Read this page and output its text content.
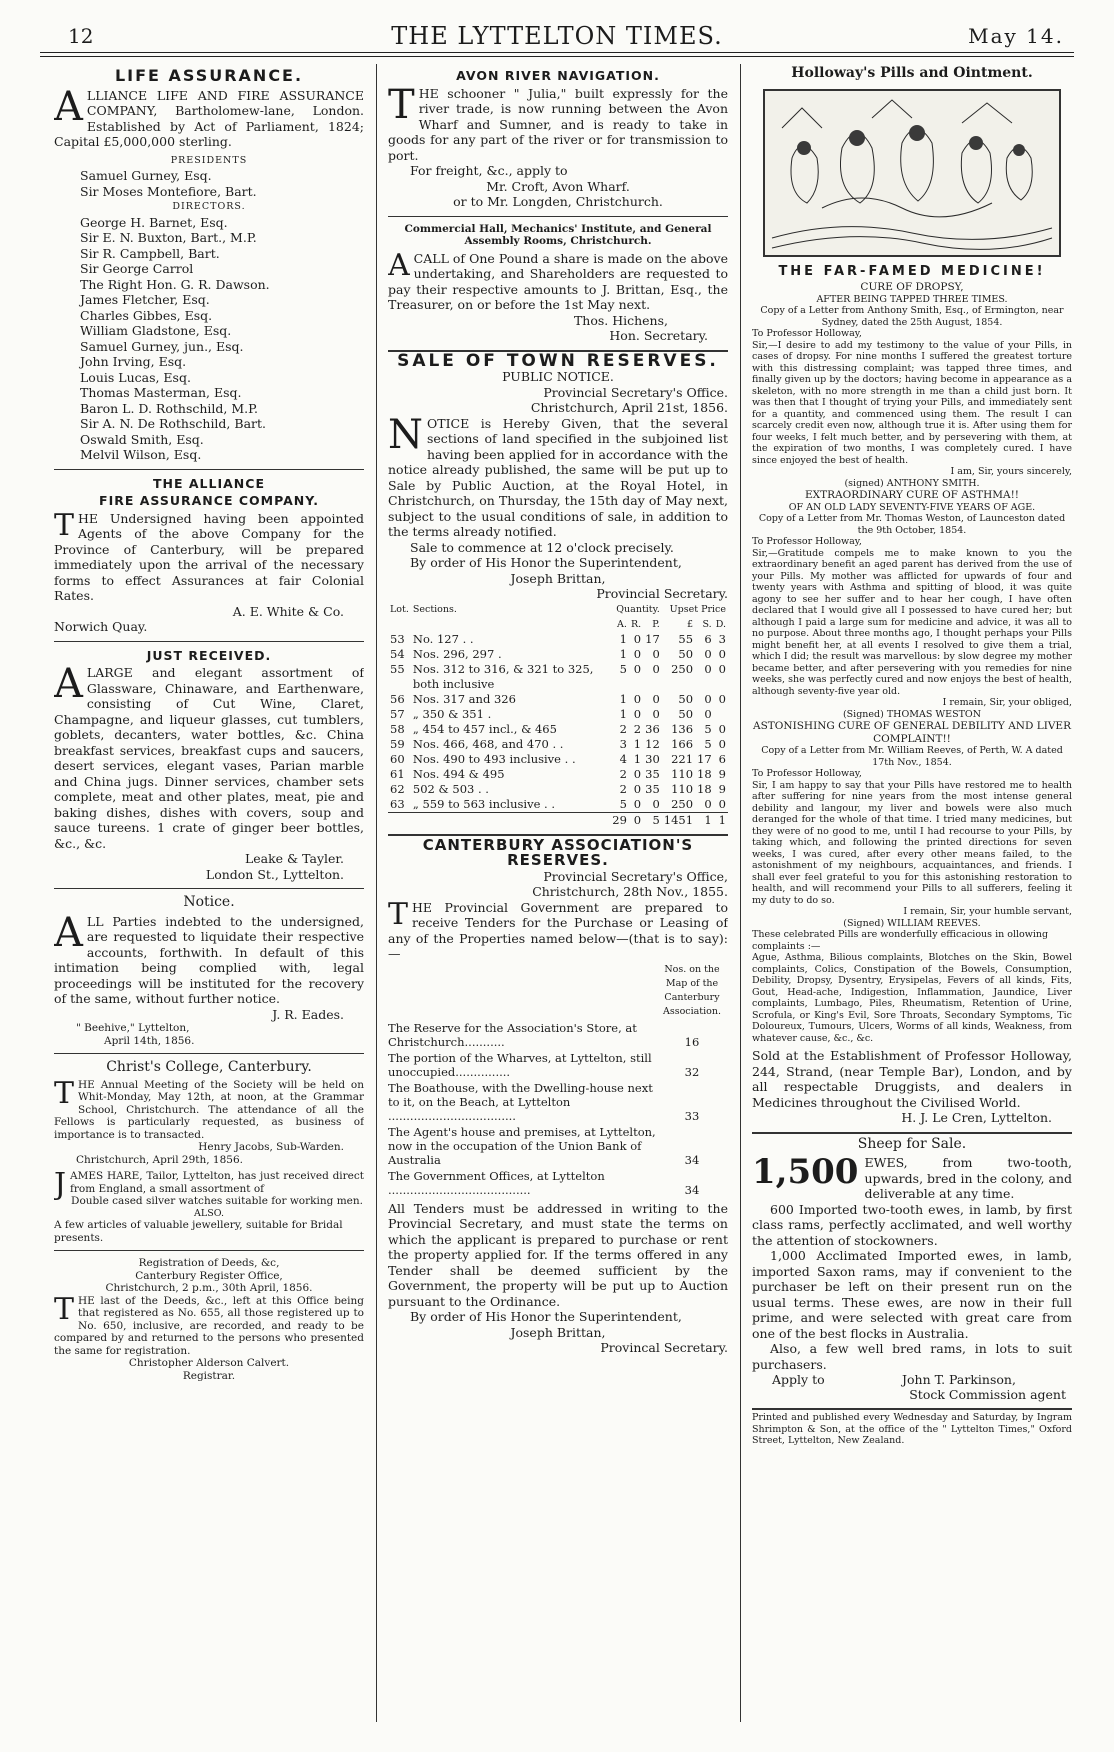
12	THE LYTTELTON TIMES.	May 14.
LIFE ASSURANCE.

ALLIANCE LIFE AND FIRE ASSURANCE COMPANY, Bartholomew-lane, London. Established by Act of Parliament, 1824; Capital £5,000,000 sterling.

PRESIDENTS
Samuel Gurney, Esq.
Sir Moses Montefiore, Bart.
DIRECTORS.
George H. Barnet, Esq.
Sir E. N. Buxton, Bart., M.P.
Sir R. Campbell, Bart.
Sir George Carrol
The Right Hon. G. R. Dawson.
James Fletcher, Esq.
Charles Gibbes, Esq.
William Gladstone, Esq.
Samuel Gurney, jun., Esq.
John Irving, Esq.
Louis Lucas, Esq.
Thomas Masterman, Esq.
Baron L. D. Rothschild, M.P.
Sir A. N. De Rothschild, Bart.
Oswald Smith, Esq.
Melvil Wilson, Esq.
THE ALLIANCE
FIRE ASSURANCE COMPANY.

THE Undersigned having been appointed Agents of the above Company for the Province of Canterbury, will be prepared immediately upon the arrival of the necessary forms to effect Assurances at fair Colonial Rates.

A. E. White & Co.
Norwich Quay.
JUST RECEIVED.

ALARGE and elegant assortment of Glassware, Chinaware, and Earthenware, consisting of Cut Wine, Claret, Champagne, and liqueur glasses, cut tumblers, goblets, decanters, water bottles, &c. China breakfast services, breakfast cups and saucers, desert services, elegant vases, Parian marble and China jugs. Dinner services, chamber sets complete, meat and other plates, meat, pie and baking dishes, dishes with covers, soup and sauce tureens. 1 crate of ginger beer bottles, &c., &c.

Leake & Tayler.
London St., Lyttelton.
Notice.

ALL Parties indebted to the undersigned, are requested to liquidate their respective accounts, forthwith. In default of this intimation being complied with, legal proceedings will be instituted for the recovery of the same, without further notice.

J. R. Eades.
" Beehive," Lyttelton,
April 14th, 1856.
Christ's College, Canterbury.

THE Annual Meeting of the Society will be held on Whit-Monday, May 12th, at noon, at the Grammar School, Christchurch. The attendance of all the Fellows is particularly requested, as business of importance is to transacted.

Henry Jacobs, Sub-Warden.
Christchurch, April 29th, 1856.

JAMES HARE, Tailor, Lyttelton, has just received direct from England, a small assortment of

Double cased silver watches suitable for working men.
ALSO.
A few articles of valuable jewellery, suitable for Bridal presents.
Registration of Deeds, &c,
Canterbury Register Office,
Christchurch, 2 p.m., 30th April, 1856.

THE last of the Deeds, &c., left at this Office being that registered as No. 655, all those registered up to No. 650, inclusive, are recorded, and ready to be compared by and returned to the persons who presented the same for registration.

Christopher Alderson Calvert.
Registrar.
AVON RIVER NAVIGATION.

THE schooner " Julia," built expressly for the river trade, is now running between the Avon Wharf and Sumner, and is ready to take in goods for any part of the river or for transmission to port.

For freight, &c., apply to
Mr. Croft, Avon Wharf.
or to Mr. Longden, Christchurch.
Commercial Hall, Mechanics' Institute, and General Assembly Rooms, Christchurch.

ACALL of One Pound a share is made on the above undertaking, and Shareholders are requested to pay their respective amounts to J. Brittan, Esq., the Treasurer, on or before the 1st May next.

Thos. Hichens,
Hon. Secretary.
SALE OF TOWN RESERVES.
PUBLIC NOTICE.
Provincial Secretary's Office.
Christchurch, April 21st, 1856.

NOTICE is Hereby Given, that the several sections of land specified in the subjoined list having been applied for in accordance with the notice already published, the same will be put up to Sale by Public Auction, at the Royal Hotel, in Christchurch, on Thursday, the 15th day of May next, subject to the usual conditions of sale, in addition to the terms already notified.

Sale to commence at 12 o'clock precisely.
By order of His Honor the Superintendent,
Joseph Brittan,
Provincial Secretary.
Lot.	Sections.	Quantity.			Upset Price		
		A.	R.	P.	£	S.	D.
53	No. 127 . .	1	0	17	55	6	3
54	Nos. 296, 297 .	1	0	0	50	0	0
55	Nos. 312 to 316, & 321 to 325, both inclusive	5	0	0	250	0	0
56	Nos. 317 and 326	1	0	0	50	0	0
57	„ 350 & 351 .	1	0	0	50	0	
58	„ 454 to 457 incl., & 465	2	2	36	136	5	0
59	Nos. 466, 468, and 470 . .	3	1	12	166	5	0
60	Nos. 490 to 493 inclusive . .	4	1	30	221	17	6
61	Nos. 494 & 495	2	0	35	110	18	9
62	502 & 503 . .	2	0	35	110	18	9
63	„ 559 to 563 inclusive . .	5	0	0	250	0	0
		29	0	5	1451	1	1
CANTERBURY ASSOCIATION'S RESERVES.
Provincial Secretary's Office,
Christchurch, 28th Nov., 1855.

THE Provincial Government are prepared to receive Tenders for the Purchase or Leasing of any of the Properties named below—(that is to say):—

	Nos. on the Map of the Canterbury Association.
The Reserve for the Association's Store, at Christchurch...........	16
The portion of the Wharves, at Lyttelton, still unoccupied...............	32
The Boathouse, with the Dwelling-house next to it, on the Beach, at Lyttelton ...................................	33
The Agent's house and premises, at Lyttelton, now in the occupation of the Union Bank of Australia	34
The Government Offices, at Lyttelton .......................................	34

All Tenders must be addressed in writing to the Provincial Secretary, and must state the terms on which the applicant is prepared to purchase or rent the property applied for. If the terms offered in any Tender shall be deemed sufficient by the Government, the property will be put up to Auction pursuant to the Ordinance.

By order of His Honor the Superintendent,
Joseph Brittan,
Provincal Secretary.
Holloway's Pills and Ointment.
THE FAR-FAMED MEDICINE!
CURE OF DROPSY,
AFTER BEING TAPPED THREE TIMES.
Copy of a Letter from Anthony Smith, Esq., of Ermington, near Sydney, dated the 25th August, 1854.
To Professor Holloway,

Sir,—I desire to add my testimony to the value of your Pills, in cases of dropsy. For nine months I suffered the greatest torture with this distressing complaint; was tapped three times, and finally given up by the doctors; having become in appearance as a skeleton, with no more strength in me than a child just born. It was then that I thought of trying your Pills, and immediately sent for a quantity, and commenced using them. The result I can scarcely credit even now, although true it is. After using them for four weeks, I felt much better, and by persevering with them, at the expiration of two months, I was completely cured. I have since enjoyed the best of health.

I am, Sir, yours sincerely,
(signed) ANTHONY SMITH.
EXTRAORDINARY CURE OF ASTHMA!!
OF AN OLD LADY SEVENTY-FIVE YEARS OF AGE.
Copy of a Letter from Mr. Thomas Weston, of Launceston dated the 9th October, 1854.
To Professor Holloway,

Sir,—Gratitude compels me to make known to you the extraordinary benefit an aged parent has derived from the use of your Pills. My mother was afflicted for upwards of four and twenty years with Asthma and spitting of blood, it was quite agony to see her suffer and to hear her cough, I have often declared that I would give all I possessed to have cured her; but although I paid a large sum for medicine and advice, it was all to no purpose. About three months ago, I thought perhaps your Pills might benefit her, at all events I resolved to give them a trial, which I did; the result was marvellous: by slow degree my mother became better, and after persevering with you remedies for nine weeks, she was perfectly cured and now enjoys the best of health, although seventy-five year old.

I remain, Sir, your obliged,
(Signed) THOMAS WESTON
ASTONISHING CURE OF GENERAL DEBILITY AND LIVER COMPLAINT!!
Copy of a Letter from Mr. William Reeves, of Perth, W. A dated 17th Nov., 1854.
To Professor Holloway,

Sir, I am happy to say that your Pills have restored me to health after suffering for nine years from the most intense general debility and langour, my liver and bowels were also much deranged for the whole of that time. I tried many medicines, but they were of no good to me, until I had recourse to your Pills, by taking which, and following the printed directions for seven weeks, I was cured, after every other means failed, to the astonishment of my neighbours, acquaintances, and friends. I shall ever feel grateful to you for this astonishing restoration to health, and will recommend your Pills to all sufferers, feeling it my duty to do so.

I remain, Sir, your humble servant,
(Signed) WILLIAM REEVES.
These celebrated Pills are wonderfully efficacious in ollowing complaints :—

Ague, Asthma, Bilious complaints, Blotches on the Skin, Bowel complaints, Colics, Constipation of the Bowels, Consumption, Debility, Dropsy, Dysentry, Erysipelas, Fevers of all kinds, Fits, Gout, Head-ache, Indigestion, Inflammation, Jaundice, Liver complaints, Lumbago, Piles, Rheumatism, Retention of Urine, Scrofula, or King's Evil, Sore Throats, Secondary Symptoms, Tic Doloureux, Tumours, Ulcers, Worms of all kinds, Weakness, from whatever cause, &c., &c.

Sold at the Establishment of Professor Holloway, 244, Strand, (near Temple Bar), London, and by all respectable Druggists, and dealers in Medicines throughout the Civilised World.

H. J. Le Cren, Lyttelton.
Sheep for Sale.

1,500 EWES, from two-tooth, upwards, bred in the colony, and deliverable at any time.

600 Imported two-tooth ewes, in lamb, by first class rams, perfectly acclimated, and well worthy the attention of stockowners.

1,000 Acclimated Imported ewes, in lamb, imported Saxon rams, may if convenient to the purchaser be left on their present run on the usual terms. These ewes, are now in their full prime, and were selected with great care from one of the best flocks in Australia.

Also, a few well bred rams, in lots to suit purchasers.

Apply to	John T. Parkinson,
Stock Commission agent

Printed and published every Wednesday and Saturday, by Ingram Shrimpton & Son, at the office of the " Lyttelton Times," Oxford Street, Lyttelton, New Zealand.
